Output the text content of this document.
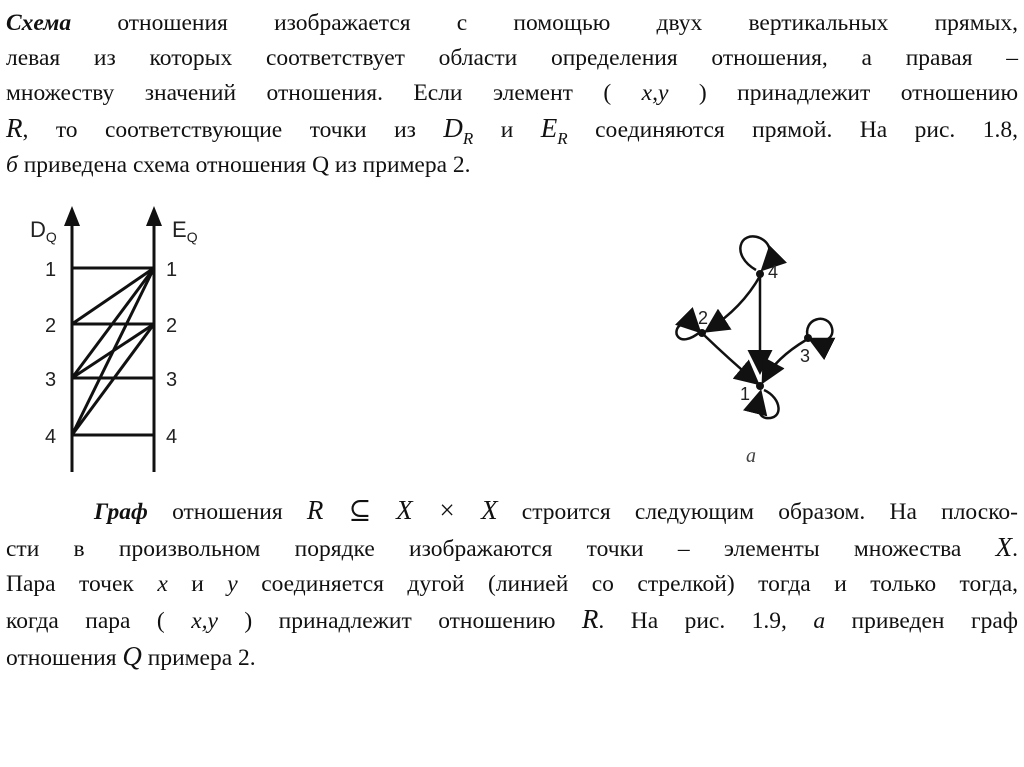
Схема отношения изображается с помощью двух вертикальных прямых,
левая из которых соответствует области определения отношения, а правая –
множеству значений отношения. Если элемент ( x,y ) принадлежит отношению
R, то соответствующие точки из $D_R$ и $E_R$ соединяются прямой. На рис. 1.8,
б приведена схема отношения Q из примера 2.
$D_Q$	$E_Q$
1
2
3
4
1
2
3
4
4
2
3
1
а
Граф отношения R ⊆ X × X строится следующим образом. На плоско-
сти в произвольном порядке изображаются точки – элементы множества X.
Пара точек x и y соединяется дугой (линией со стрелкой) тогда и только тогда,
когда пара ( x,y ) принадлежит отношению R. На рис. 1.9, а приведен граф
отношения Q примера 2.
